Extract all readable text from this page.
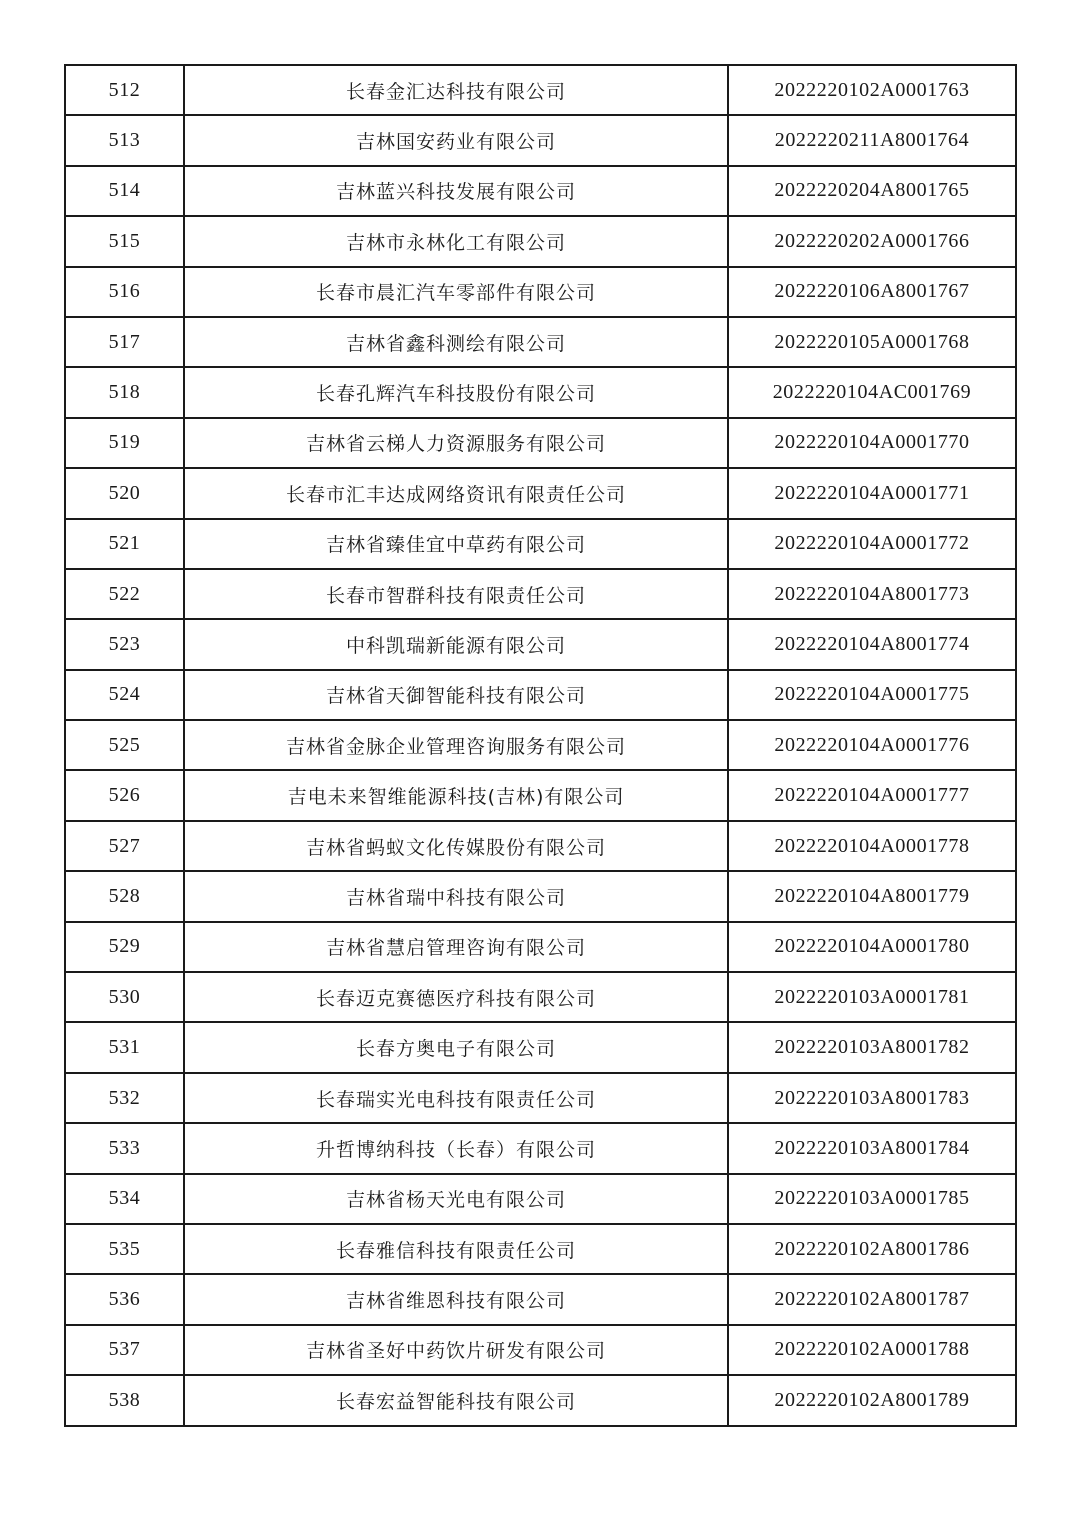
512	长春金汇达科技有限公司	2022220102A0001763
513	吉林国安药业有限公司	2022220211A8001764
514	吉林蓝兴科技发展有限公司	2022220204A8001765
515	吉林市永林化工有限公司	2022220202A0001766
516	长春市晨汇汽车零部件有限公司	2022220106A8001767
517	吉林省鑫科测绘有限公司	2022220105A0001768
518	长春孔辉汽车科技股份有限公司	2022220104AC001769
519	吉林省云梯人力资源服务有限公司	2022220104A0001770
520	长春市汇丰达成网络资讯有限责任公司	2022220104A0001771
521	吉林省臻佳宜中草药有限公司	2022220104A0001772
522	长春市智群科技有限责任公司	2022220104A8001773
523	中科凯瑞新能源有限公司	2022220104A8001774
524	吉林省天御智能科技有限公司	2022220104A0001775
525	吉林省金脉企业管理咨询服务有限公司	2022220104A0001776
526	吉电未来智维能源科技(吉林)有限公司	2022220104A0001777
527	吉林省蚂蚁文化传媒股份有限公司	2022220104A0001778
528	吉林省瑞中科技有限公司	2022220104A8001779
529	吉林省慧启管理咨询有限公司	2022220104A0001780
530	长春迈克赛德医疗科技有限公司	2022220103A0001781
531	长春方奥电子有限公司	2022220103A8001782
532	长春瑞实光电科技有限责任公司	2022220103A8001783
533	升哲博纳科技（长春）有限公司	2022220103A8001784
534	吉林省杨天光电有限公司	2022220103A0001785
535	长春雅信科技有限责任公司	2022220102A8001786
536	吉林省维恩科技有限公司	2022220102A8001787
537	吉林省圣好中药饮片研发有限公司	2022220102A0001788
538	长春宏益智能科技有限公司	2022220102A8001789
